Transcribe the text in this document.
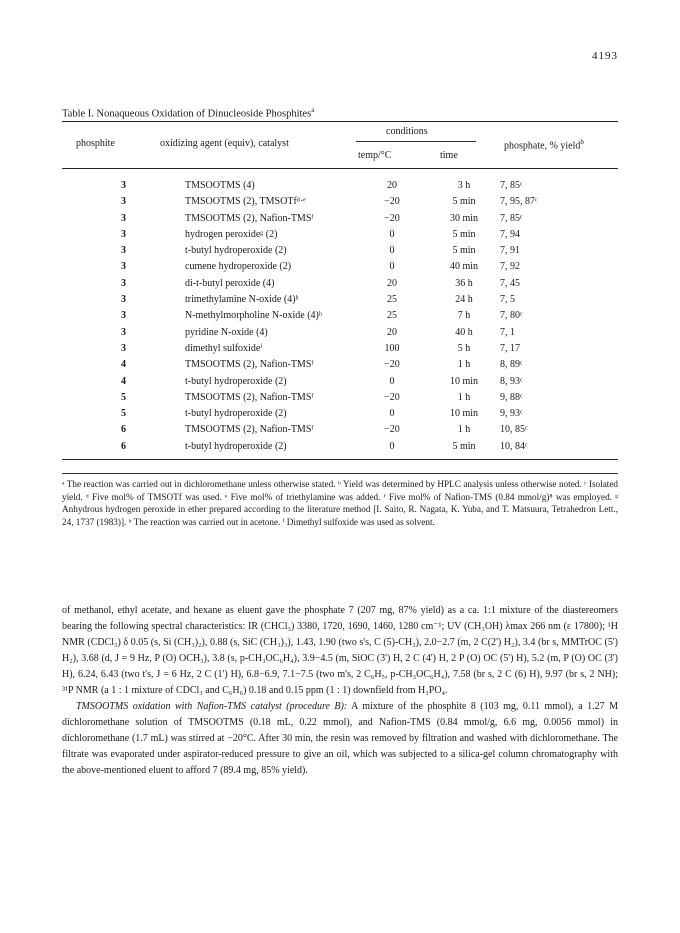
4193
Table I. Nonaqueous Oxidation of Dinucleoside Phosphites$^a$
conditions
phosphite	oxidizing agent (equiv), catalyst	phosphate, % yield$^b$
temp/°C	time
3	TMSOOTMS (4)	20	3 h	7, 85ᶜ
3	TMSOOTMS (2), TMSOTfᵈ·ᵉ	−20	5 min	7, 95, 87ᶜ
3	TMSOOTMS (2), Nafion-TMSᶠ	−20	30 min	7, 85ᶜ
3	hydrogen peroxideᵍ (2)	0	5 min	7, 94
3	t-butyl hydroperoxide (2)	0	5 min	7, 91
3	cumene hydroperoxide (2)	0	40 min	7, 92
3	di-t-butyl peroxide (4)	20	36 h	7, 45
3	trimethylamine N-oxide (4)ʰ	25	24 h	7, 5
3	N-methylmorpholine N-oxide (4)ʰ	25	7 h	7, 80ᶜ
3	pyridine N-oxide (4)	20	40 h	7, 1
3	dimethyl sulfoxideⁱ	100	5 h	7, 17
4	TMSOOTMS (2), Nafion-TMSᶠ	−20	1 h	8, 89ᶜ
4	t-butyl hydroperoxide (2)	0	10 min	8, 93ᶜ
5	TMSOOTMS (2), Nafion-TMSᶠ	−20	1 h	9, 88ᶜ
5	t-butyl hydroperoxide (2)	0	10 min	9, 93ᶜ
6	TMSOOTMS (2), Nafion-TMSᶠ	−20	1 h	10, 85ᶜ
6	t-butyl hydroperoxide (2)	0	5 min	10, 84ᶜ
ᵃ The reaction was carried out in dichloromethane unless otherwise stated. ᵇ Yield was determined by HPLC analysis unless otherwise noted. ᶜ Isolated yield. ᵈ Five mol% of TMSOTf was used. ᵉ Five mol% of triethylamine was added. ᶠ Five mol% of Nafion-TMS (0.84 mmol/g)⁸ was employed. ᵍ Anhydrous hydrogen peroxide in ether prepared according to the literature method [I. Saito, R. Nagata, K. Yuba, and T. Matsuura, Tetrahedron Lett., 24, 1737 (1983)]. ʰ The reaction was carried out in acetone. ⁱ Dimethyl sulfoxide was used as solvent.

of methanol, ethyl acetate, and hexane as eluent gave the phosphate 7 (207 mg, 87% yield) as a ca. 1:1 mixture of the diastereomers bearing the following spectral characteristics: IR (CHCl₃) 3380, 1720, 1690, 1460, 1280 cm⁻¹; UV (CH₃OH) λmax 266 nm (ε 17800); ¹H NMR (CDCl₃) δ 0.05 (s, Si (CH₃)₂), 0.88 (s, SiC (CH₃)₃), 1.43, 1.90 (two s's, C (5)-CH₃), 2.0−2.7 (m, 2 C(2') H₂), 3.4 (br s, MMTrOC (5') H₂), 3.68 (d, J = 9 Hz, P (O) OCH₃), 3.8 (s, p-CH₃OC₆H₄), 3.9−4.5 (m, SiOC (3') H, 2 C (4') H, 2 P (O) OC (5') H), 5.2 (m, P (O) OC (3') H), 6.24, 6.43 (two t's, J = 6 Hz, 2 C (1') H), 6.8−6.9, 7.1−7.5 (two m's, 2 C₆H₅, p-CH₃OC₆H₄), 7.58 (br s, 2 C (6) H), 9.97 (br s, 2 NH); ³¹P NMR (a 1 : 1 mixture of CDCl₃ and C₆H₆) 0.18 and 0.15 ppm (1 : 1) downfield from H₃PO₄.

TMSOOTMS oxidation with Nafion-TMS catalyst (procedure B): A mixture of the phosphite 8 (103 mg, 0.11 mmol), a 1.27 M dichloromethane solution of TMSOOTMS (0.18 mL, 0.22 mmol), and Nafion-TMS (0.84 mmol/g, 6.6 mg, 0.0056 mmol) in dichloromethane (1.7 mL) was stirred at −20°C. After 30 min, the resin was removed by filtration and washed with dichloromethane. The filtrate was evaporated under aspirator-reduced pressure to give an oil, which was subjected to a silica-gel column chromatography with the above-mentioned eluent to afford 7 (89.4 mg, 85% yield).
